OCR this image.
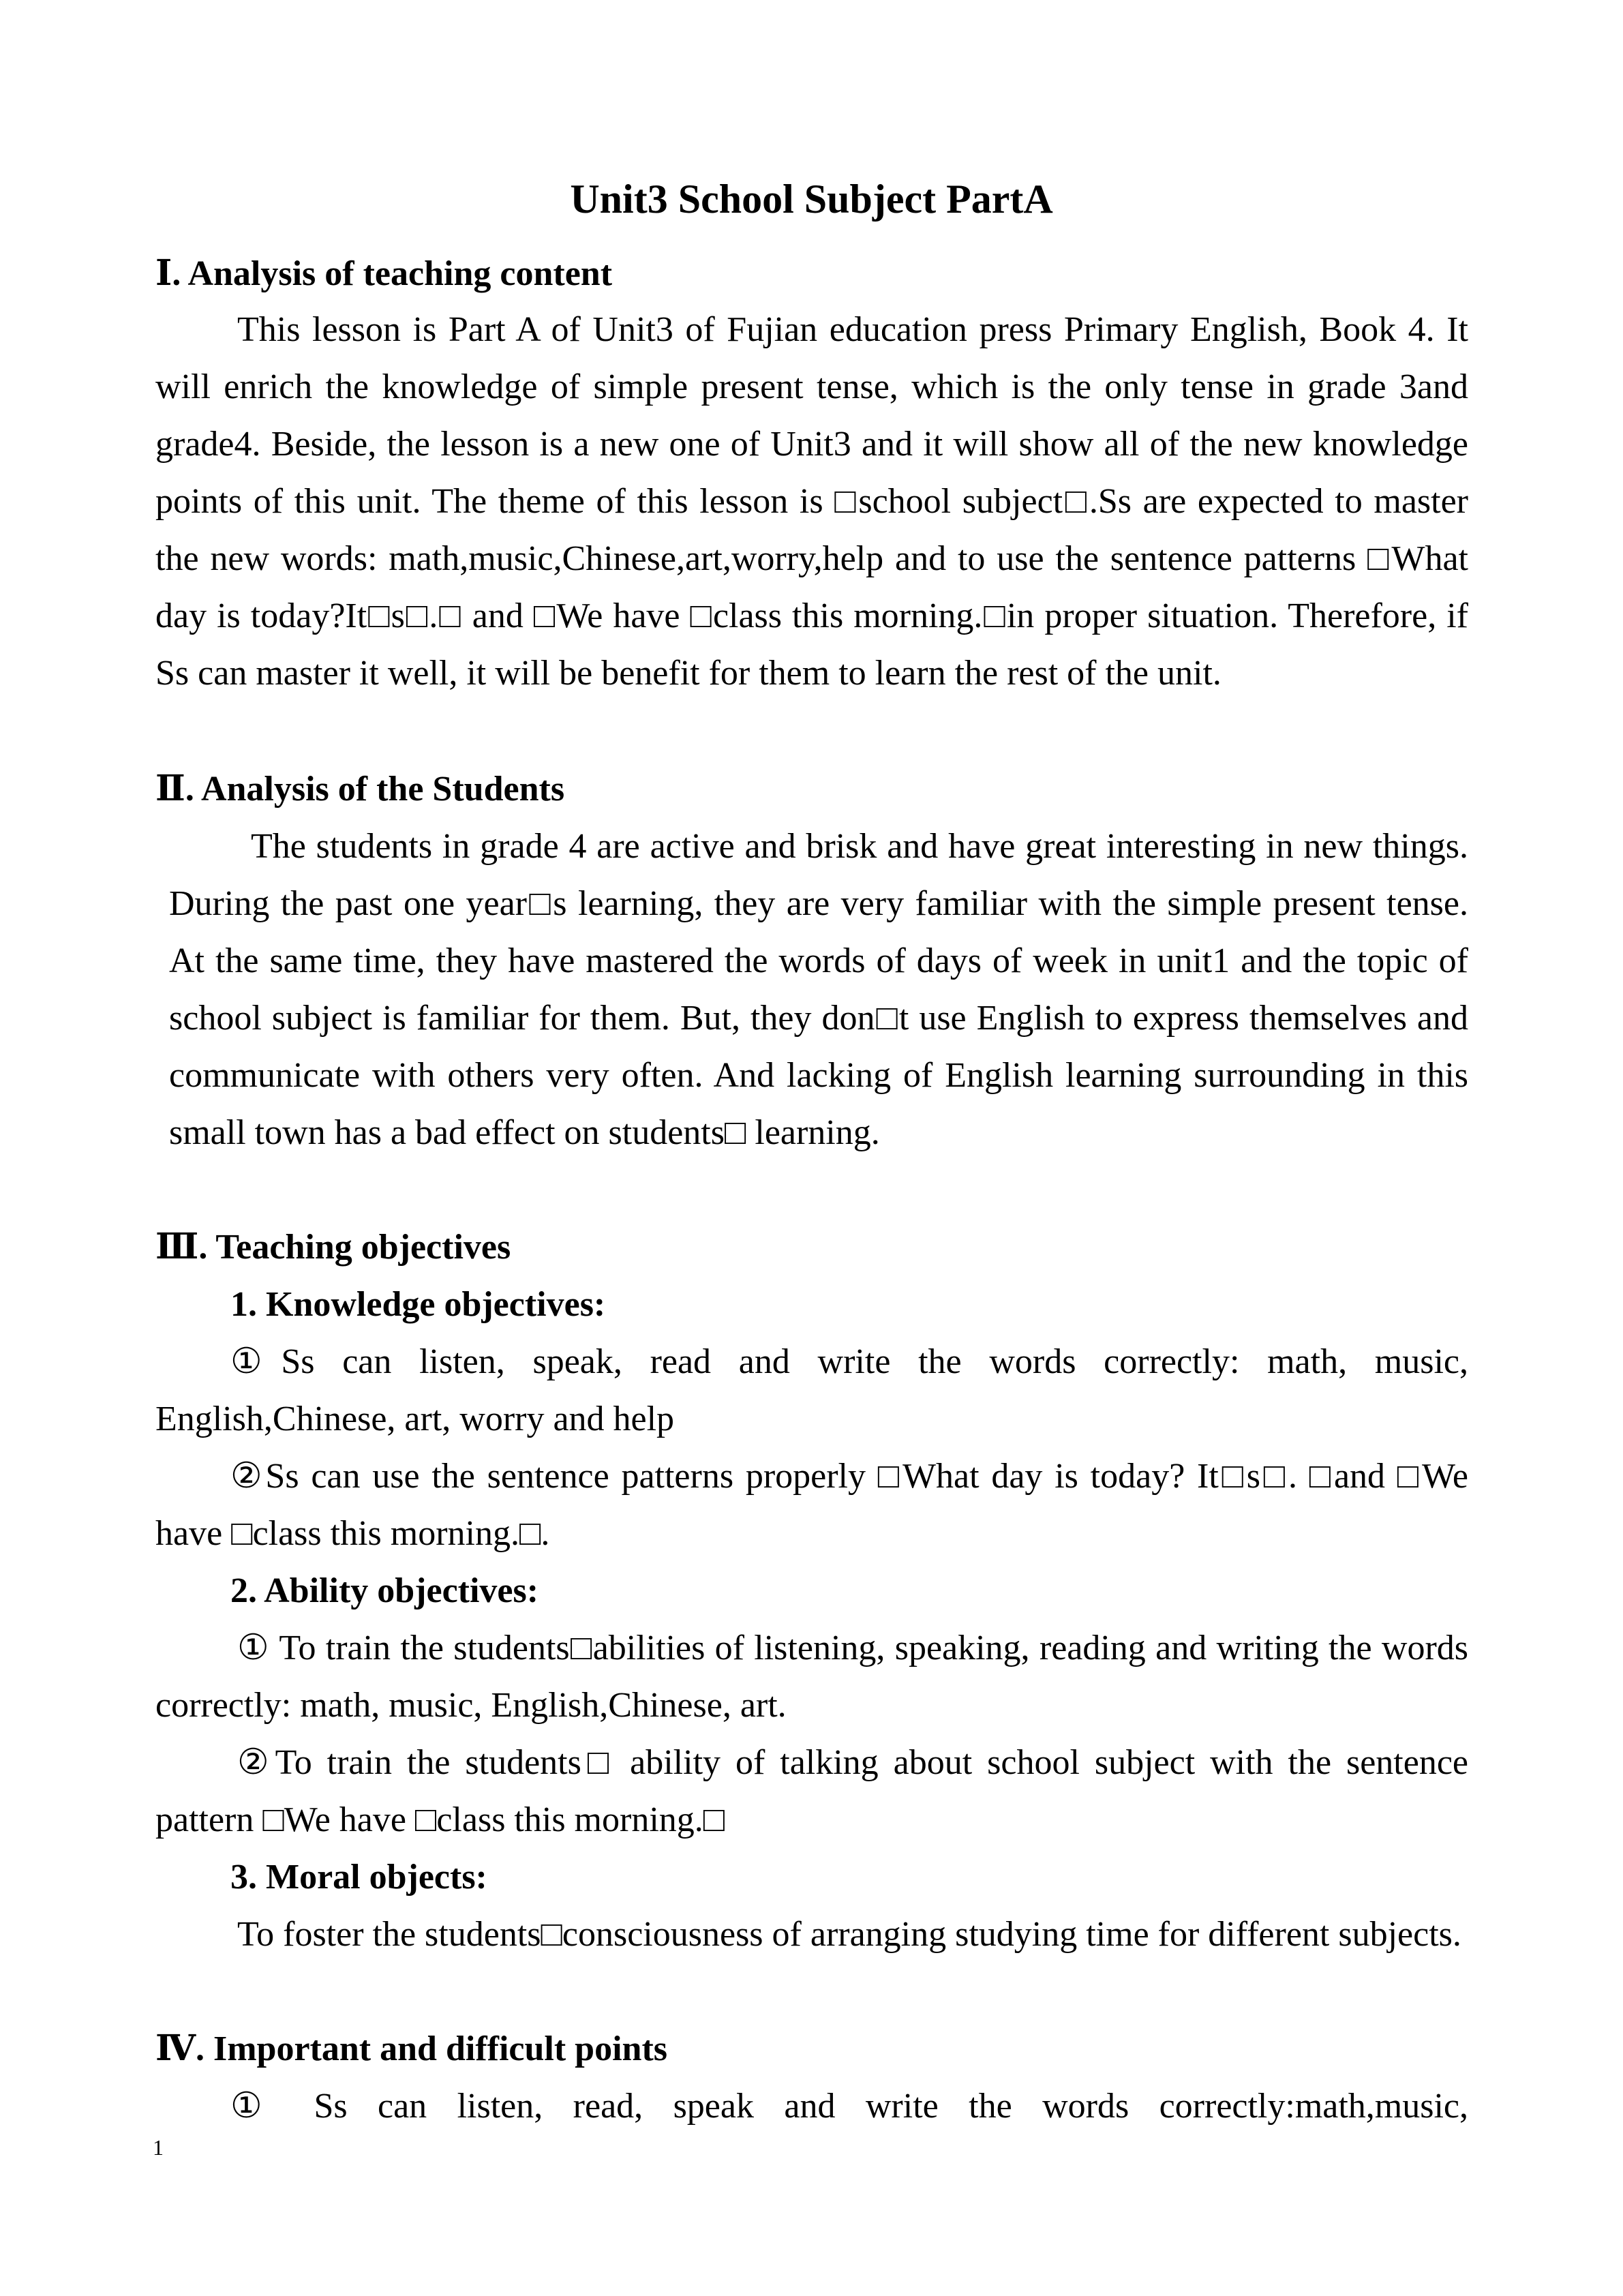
Unit3 School Subject PartA
Ⅰ. Analysis of teaching content

This lesson is Part A of Unit3 of Fujian education press Primary English, Book 4. It will enrich the knowledge of simple present tense, which is the only tense in grade 3and grade4. Beside, the lesson is a new one of Unit3 and it will show all of the new knowledge points of this unit. The theme of this lesson is □school subject□.Ss are expected to master the new words: math,music,Chinese,art,worry,help and to use the sentence patterns □What day is today?It□s□.□ and □We have □class this morning.□in proper situation. Therefore, if Ss can master it well, it will be benefit for them to learn the rest of the unit.

Ⅱ. Analysis of the Students

The students in grade 4 are active and brisk and have great interesting in new things. During the past one year□s learning, they are very familiar with the simple present tense. At the same time, they have mastered the words of days of week in unit1 and the topic of school subject is familiar for them. But, they don□t use English to express themselves and communicate with others very often. And lacking of English learning surrounding in this small town has a bad effect on students□ learning.

Ⅲ. Teaching objectives
1. Knowledge objectives:

①Ss can listen, speak, read and write the words correctly: math, music, English,Chinese, art, worry and help

②Ss can use the sentence patterns properly □What day is today? It□s□. □and □We have □class this morning.□.

2. Ability objectives:

① To train the students□abilities of listening, speaking, reading and writing the words correctly: math, music, English,Chinese, art.

②To train the students□ ability of talking about school subject with the sentence pattern □We have □class this morning.□

3. Moral objects:

To foster the students□consciousness of arranging studying time for different subjects.

Ⅳ. Important and difficult points

① Ss can listen, read, speak and write the words correctly:math,music,

1
